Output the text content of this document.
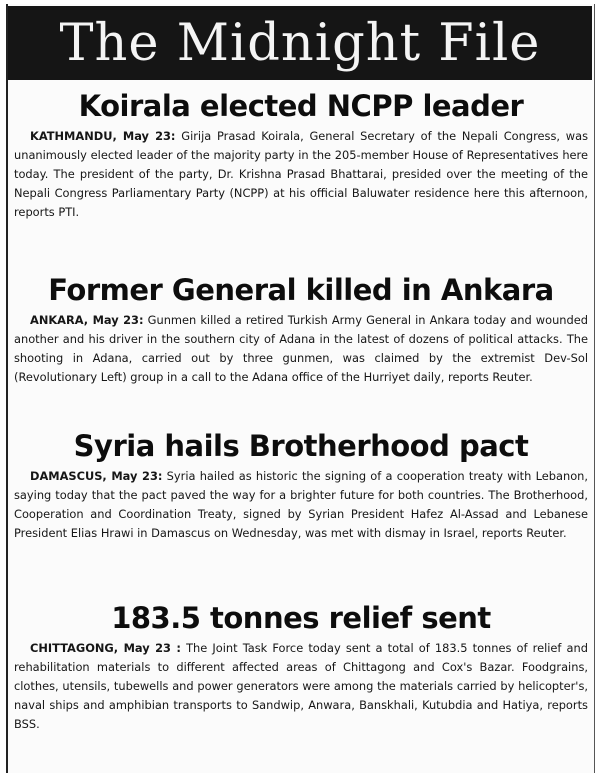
The Midnight File
Koirala elected NCPP leader

KATHMANDU, May 23: Girija Prasad Koirala, General Secretary of the Nepali Congress, was unanimously elected leader of the majority party in the 205-member House of Representatives here today. The president of the party, Dr. Krishna Prasad Bhattarai, presided over the meeting of the Nepali Congress Parliamentary Party (NCPP) at his official Baluwater residence here this afternoon, reports PTI.

Former General killed in Ankara

ANKARA, May 23: Gunmen killed a retired Turkish Army General in Ankara today and wounded another and his driver in the southern city of Adana in the latest of dozens of political attacks. The shooting in Adana, carried out by three gunmen, was claimed by the extremist Dev-Sol (Revolutionary Left) group in a call to the Adana office of the Hurriyet daily, reports Reuter.

Syria hails Brotherhood pact

DAMASCUS, May 23: Syria hailed as historic the signing of a cooperation treaty with Lebanon, saying today that the pact paved the way for a brighter future for both countries. The Brotherhood, Cooperation and Coordination Treaty, signed by Syrian President Hafez Al-Assad and Lebanese President Elias Hrawi in Damascus on Wednesday, was met with dismay in Israel, reports Reuter.

183.5 tonnes relief sent

CHITTAGONG, May 23 : The Joint Task Force today sent a total of 183.5 tonnes of relief and rehabilitation materials to different affected areas of Chittagong and Cox's Bazar. Foodgrains, clothes, utensils, tubewells and power generators were among the materials carried by helicopter's, naval ships and amphibian transports to Sandwip, Anwara, Banskhali, Kutubdia and Hatiya, reports BSS.
